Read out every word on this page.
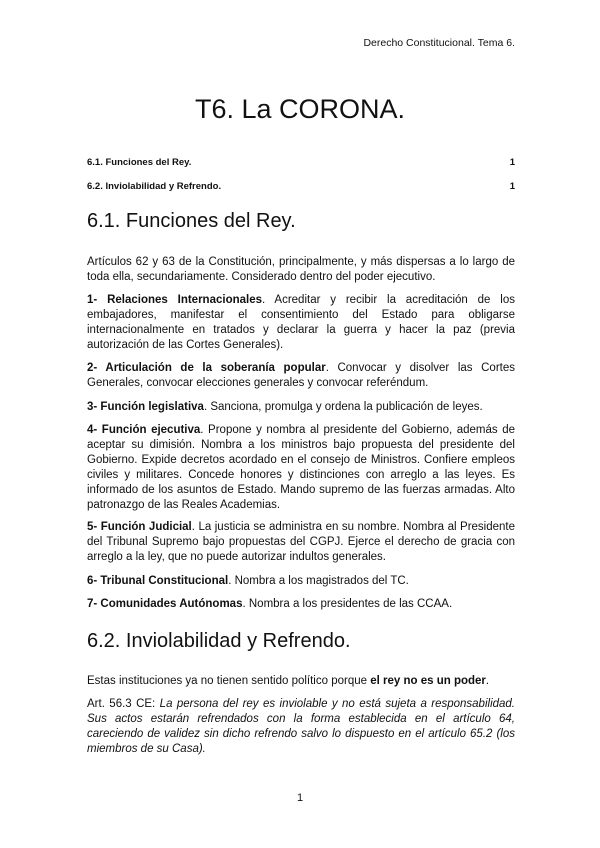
Derecho Constitucional. Tema 6.
T6. La CORONA.
6.1. Funciones del Rey.	1
6.2. Inviolabilidad y Refrendo.	1
6.1. Funciones del Rey.

Artículos 62 y 63 de la Constitución, principalmente, y más dispersas a lo largo de toda ella, secundariamente. Considerado dentro del poder ejecutivo.

1- Relaciones Internacionales. Acreditar y recibir la acreditación de los embajadores, manifestar el consentimiento del Estado para obligarse internacionalmente en tratados y declarar la guerra y hacer la paz (previa autorización de las Cortes Generales).

2- Articulación de la soberanía popular. Convocar y disolver las Cortes Generales, convocar elecciones generales y convocar referéndum.

3- Función legislativa. Sanciona, promulga y ordena la publicación de leyes.

4- Función ejecutiva. Propone y nombra al presidente del Gobierno, además de aceptar su dimisión. Nombra a los ministros bajo propuesta del presidente del Gobierno. Expide decretos acordado en el consejo de Ministros. Confiere empleos civiles y militares. Concede honores y distinciones con arreglo a las leyes. Es informado de los asuntos de Estado. Mando supremo de las fuerzas armadas. Alto patronazgo de las Reales Academias.

5- Función Judicial. La justicia se administra en su nombre. Nombra al Presidente del Tribunal Supremo bajo propuestas del CGPJ. Ejerce el derecho de gracia con arreglo a la ley, que no puede autorizar indultos generales.

6- Tribunal Constitucional. Nombra a los magistrados del TC.

7- Comunidades Autónomas. Nombra a los presidentes de las CCAA.

6.2. Inviolabilidad y Refrendo.

Estas instituciones ya no tienen sentido político porque el rey no es un poder.

Art. 56.3 CE: La persona del rey es inviolable y no está sujeta a responsabilidad. Sus actos estarán refrendados con la forma establecida en el artículo 64, careciendo de validez sin dicho refrendo salvo lo dispuesto en el artículo 65.2 (los miembros de su Casa).

1
